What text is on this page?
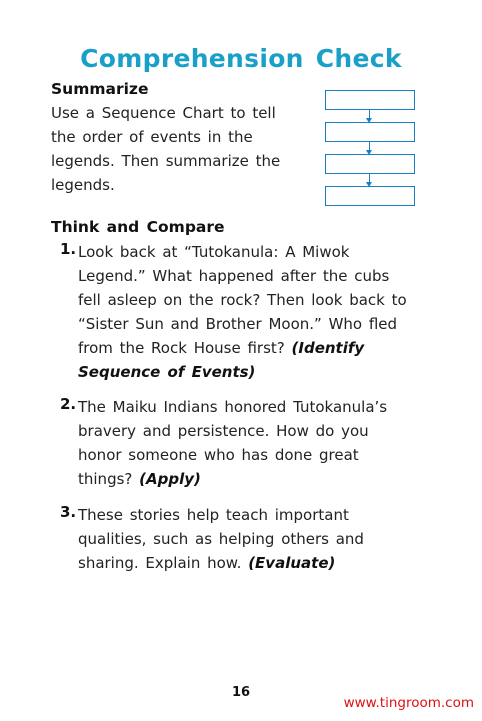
Comprehension Check
Summarize
Use a Sequence Chart to tell the order of events in the legends. Then summarize the legends.
Think and Compare
1. Look back at “Tutokanula: A Miwok Legend.” What happened after the cubs fell asleep on the rock? Then look back to “Sister Sun and Brother Moon.” Who fled from the Rock House first? (Identify Sequence of Events)
2. The Maiku Indians honored Tutokanula’s bravery and persistence. How do you honor someone who has done great things? (Apply)
3. These stories help teach important qualities, such as helping others and sharing. Explain how. (Evaluate)
16
www.tingroom.com
